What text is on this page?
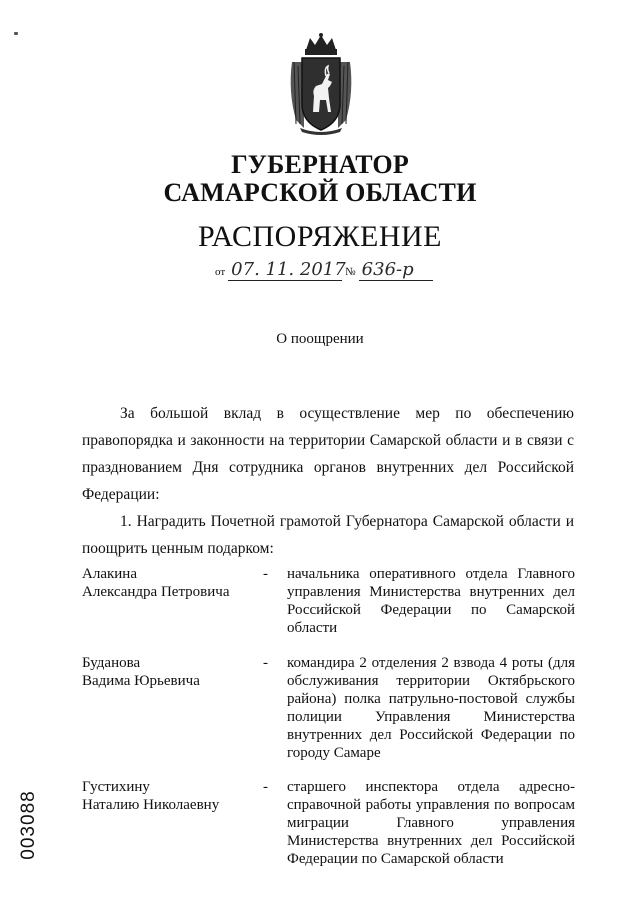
ГУБЕРНАТОР
САМАРСКОЙ ОБЛАСТИ
РАСПОРЯЖЕНИЕ
от 07. 11. 2017 № 636-р
О поощрении
За большой вклад в осуществление мер по обеспечению правопорядка и законности на территории Самарской области и в связи с празднованием Дня сотрудника органов внутренних дел Российской Федерации:
1. Наградить Почетной грамотой Губернатора Самарской области и поощрить ценным подарком:
Алакина
Александра Петровича
-	начальника оперативного отдела Главного управления Министерства внутренних дел Российской Федерации по Самарской области
Буданова
Вадима Юрьевича
-	командира 2 отделения 2 взвода 4 роты (для обслуживания территории Октябрьского района) полка патрульно-постовой службы полиции Управления Министерства внутренних дел Российской Федерации по городу Самаре
Густихину
Наталию Николаевну
-	старшего инспектора отдела адресно-справочной работы управления по вопросам миграции Главного управления Министерства внутренних дел Российской Федерации по Самарской области
003088
